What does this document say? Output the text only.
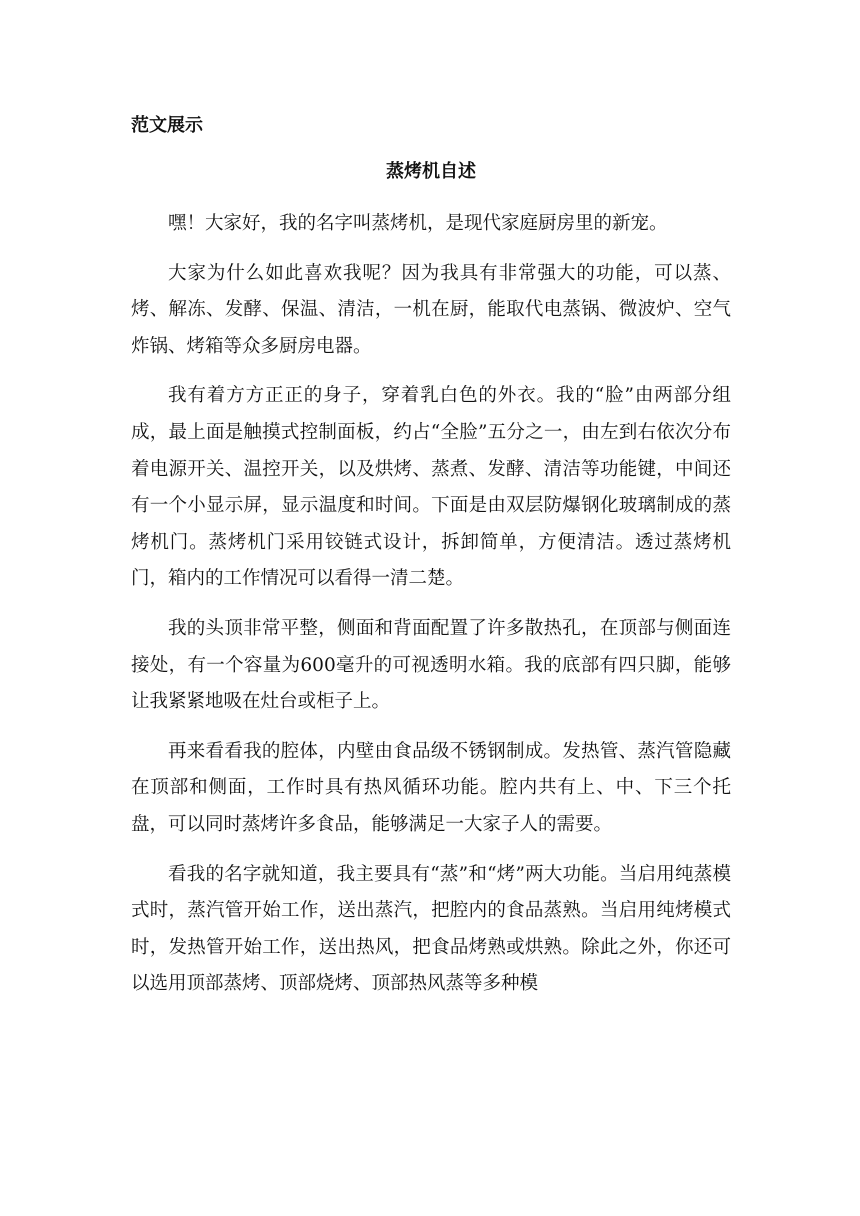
范文展示
蒸烤机自述

嘿！大家好，我的名字叫蒸烤机，是现代家庭厨房里的新宠。

大家为什么如此喜欢我呢？因为我具有非常强大的功能，可以蒸、烤、解冻、发酵、保温、清洁，一机在厨，能取代电蒸锅、微波炉、空气炸锅、烤箱等众多厨房电器。

我有着方方正正的身子，穿着乳白色的外衣。我的“脸”由两部分组成，最上面是触摸式控制面板，约占“全脸”五分之一，由左到右依次分布着电源开关、温控开关，以及烘烤、蒸煮、发酵、清洁等功能键，中间还有一个小显示屏，显示温度和时间。下面是由双层防爆钢化玻璃制成的蒸烤机门。蒸烤机门采用铰链式设计，拆卸简单，方便清洁。透过蒸烤机门，箱内的工作情况可以看得一清二楚。

我的头顶非常平整，侧面和背面配置了许多散热孔，在顶部与侧面连接处，有一个容量为600毫升的可视透明水箱。我的底部有四只脚，能够让我紧紧地吸在灶台或柜子上。

再来看看我的腔体，内壁由食品级不锈钢制成。发热管、蒸汽管隐藏在顶部和侧面，工作时具有热风循环功能。腔内共有上、中、下三个托盘，可以同时蒸烤许多食品，能够满足一大家子人的需要。

看我的名字就知道，我主要具有“蒸”和“烤”两大功能。当启用纯蒸模式时，蒸汽管开始工作，送出蒸汽，把腔内的食品蒸熟。当启用纯烤模式时，发热管开始工作，送出热风，把食品烤熟或烘熟。除此之外，你还可以选用顶部蒸烤、顶部烧烤、顶部热风蒸等多种模
